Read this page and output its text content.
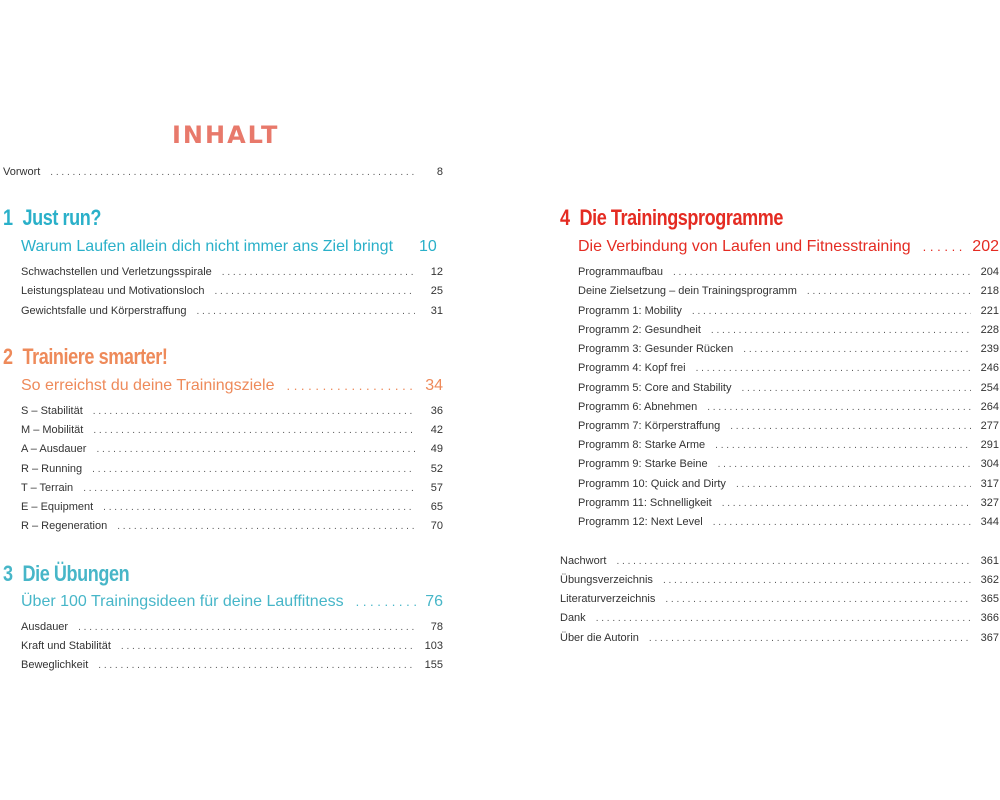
INHALT
Vorwort . . .	8
1 Just run?
Warum Laufen allein dich nicht immer ans Ziel bringt 10
Schwachstellen und Verletzungsspirale . . .	12
Leistungsplateau und Motivationsloch . . .	25
Gewichtsfalle und Körperstraffung . . .	31
2 Trainiere smarter!
So erreichst du deine Trainingsziele . . .	34
S – Stabilität . . .	36
M – Mobilität . . .	42
A – Ausdauer . . .	49
R – Running . . .	52
T – Terrain . . .	57
E – Equipment . . .	65
R – Regeneration . . .	70
3 Die Übungen
Über 100 Trainingsideen für deine Lauffitness . . .	76
Ausdauer . . .	78
Kraft und Stabilität . . .	103
Beweglichkeit . . .	155
4 Die Trainingsprogramme
Die Verbindung von Laufen und Fitnesstraining . . .	202
Programmaufbau . . .	204
Deine Zielsetzung – dein Trainingsprogramm . . .	218
Programm 1: Mobility . . .	221
Programm 2: Gesundheit . . .	228
Programm 3: Gesunder Rücken . . .	239
Programm 4: Kopf frei . . .	246
Programm 5: Core and Stability . . .	254
Programm 6: Abnehmen . . .	264
Programm 7: Körperstraffung . . .	277
Programm 8: Starke Arme . . .	291
Programm 9: Starke Beine . . .	304
Programm 10: Quick and Dirty . . .	317
Programm 11: Schnelligkeit . . .	327
Programm 12: Next Level . . .	344
Nachwort . . .	361
Übungsverzeichnis . . .	362
Literaturverzeichnis . . .	365
Dank . . .	366
Über die Autorin . . .	367
